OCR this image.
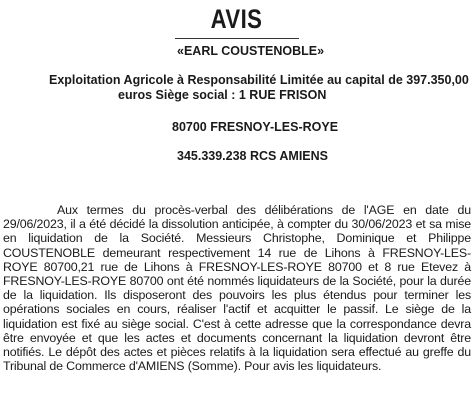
AVIS
«EARL COUSTENOBLE»
Exploitation Agricole à Responsabilité Limitée au capital de 397.350,00
euros Siège social : 1 RUE FRISON
80700 FRESNOY-LES-ROYE
345.339.238 RCS AMIENS
Aux termes du procès-verbal des délibérations de l'AGE en date du 29/06/2023, il a été décidé la dissolution anticipée, à compter du 30/06/2023 et sa mise en liquidation de la Société. Messieurs Christophe, Dominique et Philippe COUSTENOBLE demeurant respectivement 14 rue de Lihons à FRESNOY-LES-ROYE 80700,21 rue de Lihons à FRESNOY-LES-ROYE 80700 et 8 rue Etevez à FRESNOY-LES-ROYE 80700 ont été nommés liquidateurs de la Société, pour la durée de la liquidation. Ils disposeront des pouvoirs les plus étendus pour terminer les opérations sociales en cours, réaliser l'actif et acquitter le passif. Le siège de la liquidation est fixé au siège social. C'est à cette adresse que la correspondance devra être envoyée et que les actes et documents concernant la liquidation devront être notifiés. Le dépôt des actes et pièces relatifs à la liquidation sera effectué au greffe du Tribunal de Commerce d'AMIENS (Somme). Pour avis les liquidateurs.
